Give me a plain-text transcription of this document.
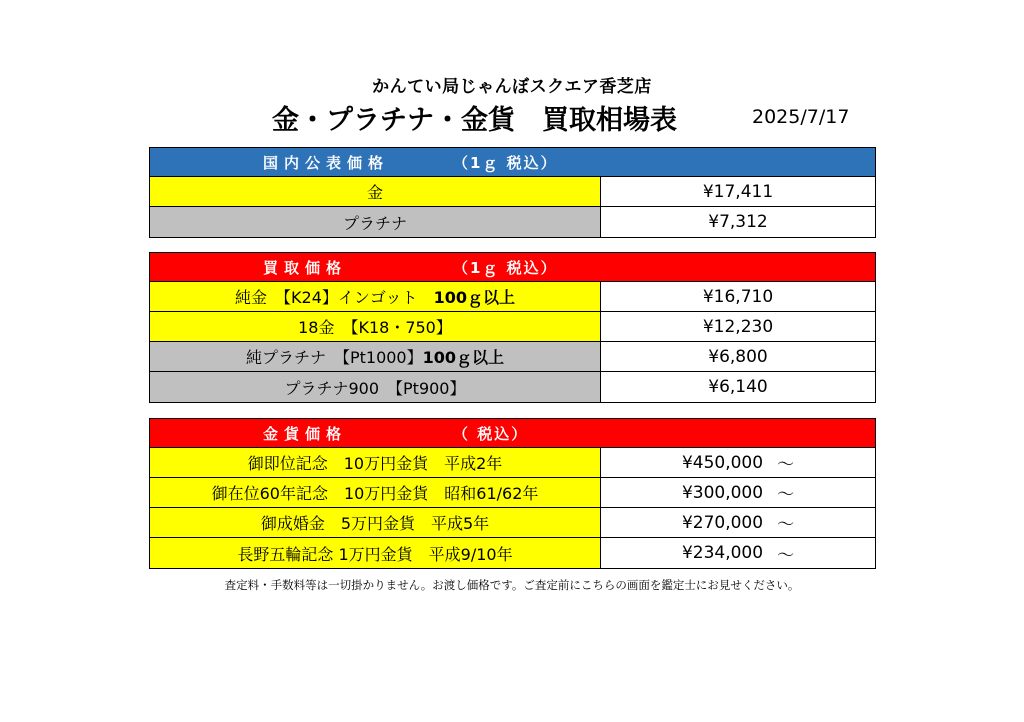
かんてい局じゃんぼスクエア香芝店
金・プラチナ・金貨　買取相場表	2025/7/17
国内公表価格	（1ｇ 税込）
金	¥17,411
プラチナ	¥7,312
買取価格	（1ｇ 税込）
純金　【K24】インゴット　 100ｇ以上	¥16,710
18金　【K18・750】	¥12,230
純プラチナ　【Pt1000】 100ｇ以上	¥6,800
プラチナ900　【Pt900】	¥6,140
金貨価格	（ 税込）
御即位記念　10万円金貨　平成2年	¥450,000 ～
御在位60年記念　10万円金貨　昭和61/62年	¥300,000 ～
御成婚金　5万円金貨　平成5年	¥270,000 ～
長野五輪記念 1万円金貨　平成9/10年	¥234,000 ～
査定料・手数料等は一切掛かりません。お渡し価格です。ご査定前にこちらの画面を鑑定士にお見せください。
